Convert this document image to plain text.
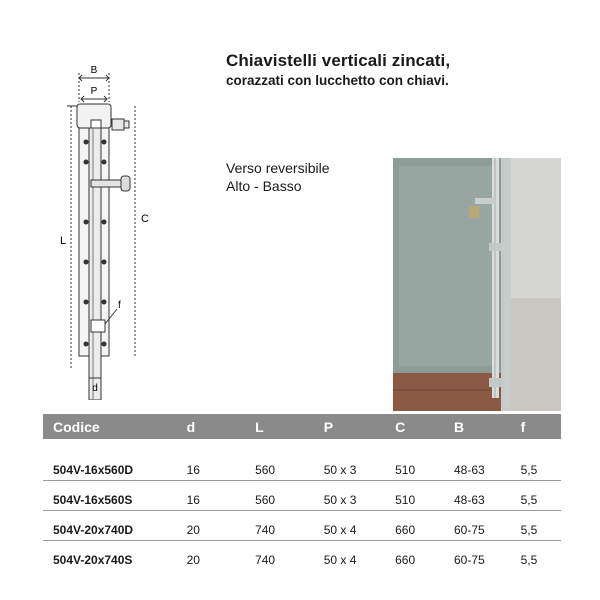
Chiavistelli verticali zincati,
corazzati con lucchetto con chiavi.
Verso reversibile
Alto - Basso
B
P
L
C
f
d
Codice	d	L	P	C	B	f

504V-16x560D	16	560	50 x 3	510	48-63	5,5
504V-16x560S	16	560	50 x 3	510	48-63	5,5
504V-20x740D	20	740	50 x 4	660	60-75	5,5
504V-20x740S	20	740	50 x 4	660	60-75	5,5
